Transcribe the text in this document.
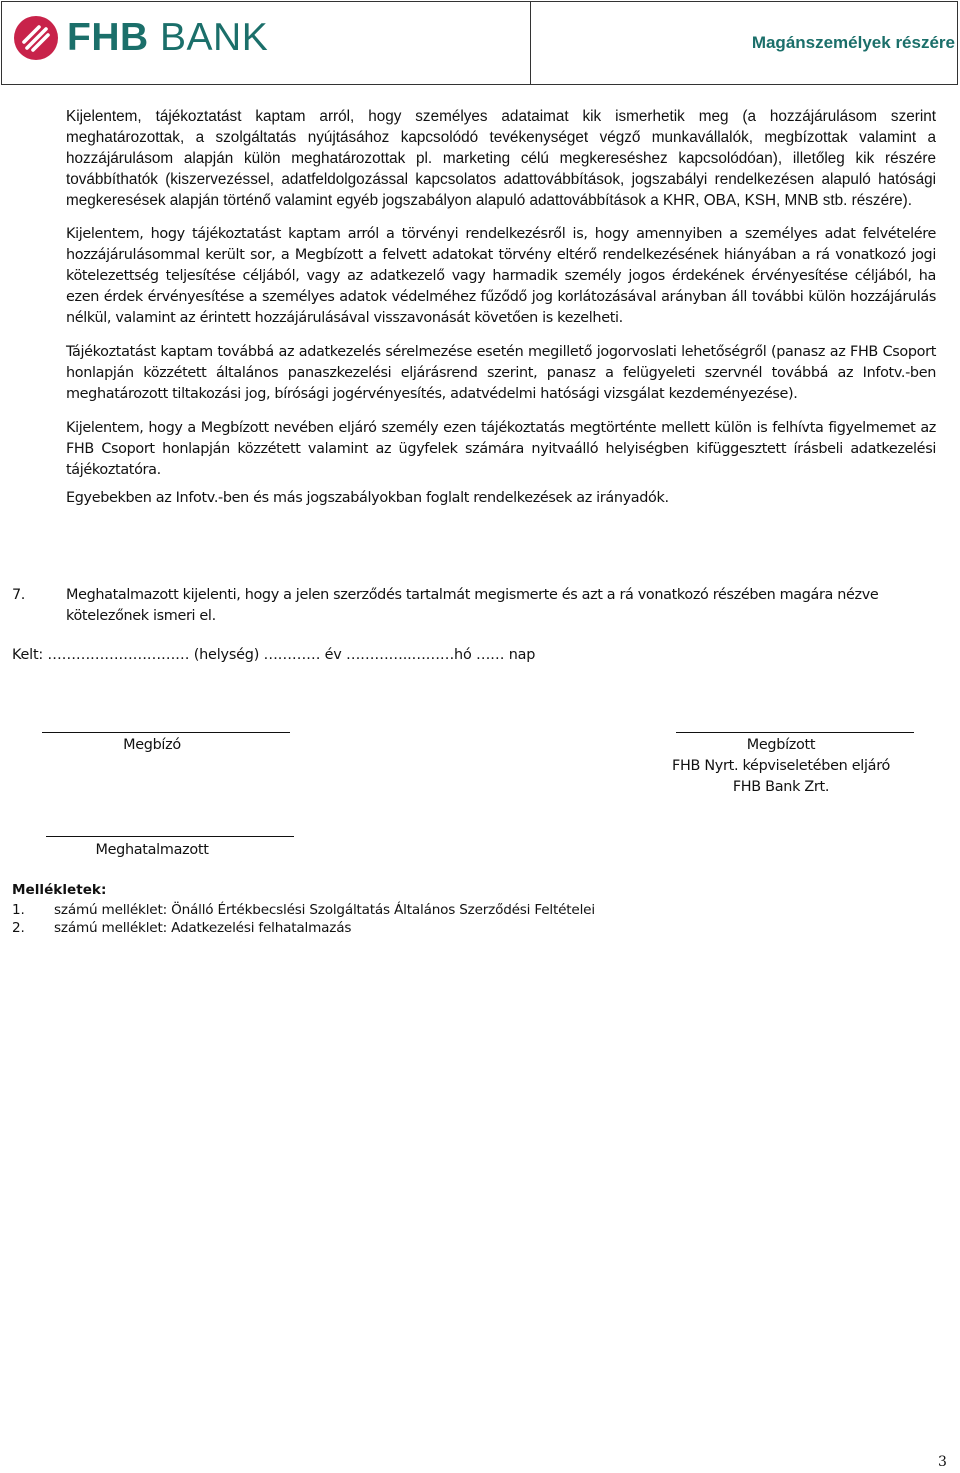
FHB BANK	Magánszemélyek részére

Kijelentem, tájékoztatást kaptam arról, hogy személyes adataimat kik ismerhetik meg (a hozzájárulásom szerint meghatározottak, a szolgáltatás nyújtásához kapcsolódó tevékenységet végző munkavállalók, megbízottak valamint a hozzájárulásom alapján külön meghatározottak pl. marketing célú megkereséshez kapcsolódóan), illetőleg kik részére továbbíthatók (kiszervezéssel, adatfeldolgozással kapcsolatos adattovábbítások, jogszabályi rendelkezésen alapuló hatósági megkeresések alapján történő valamint egyéb jogszabályon alapuló adattovábbítások a KHR, OBA, KSH, MNB stb. részére).

Kijelentem, hogy tájékoztatást kaptam arról a törvényi rendelkezésről is, hogy amennyiben a személyes adat felvételére hozzájárulásommal került sor, a Megbízott a felvett adatokat törvény eltérő rendelkezésének hiányában a rá vonatkozó jogi kötelezettség teljesítése céljából, vagy az adatkezelő vagy harmadik személy jogos érdekének érvényesítése céljából, ha ezen érdek érvényesítése a személyes adatok védelméhez fűződő jog korlátozásával arányban áll további külön hozzájárulás nélkül, valamint az érintett hozzájárulásával visszavonását követően is kezelheti.

Tájékoztatást kaptam továbbá az adatkezelés sérelmezése esetén megillető jogorvoslati lehetőségről (panasz az FHB Csoport honlapján közzétett általános panaszkezelési eljárásrend szerint, panasz a felügyeleti szervnél továbbá az Infotv.-ben meghatározott tiltakozási jog, bírósági jogérvényesítés, adatvédelmi hatósági vizsgálat kezdeményezése).

Kijelentem, hogy a Megbízott nevében eljáró személy ezen tájékoztatás megtörténte mellett külön is felhívta figyelmemet az FHB Csoport honlapján közzétett valamint az ügyfelek számára nyitvaálló helyiségben kifüggesztett írásbeli adatkezelési tájékoztatóra.

Egyebekben az Infotv.-ben és más jogszabályokban foglalt rendelkezések az irányadók.

7.	Meghatalmazott kijelenti, hogy a jelen szerződés tartalmát megismerte és azt a rá vonatkozó részében magára nézve kötelezőnek ismeri el.
Kelt: ………………………… (helység) ………… év …………..………hó …… nap
Megbízó	Megbízott
FHB Nyrt. képviseletében eljáró
FHB Bank Zrt.
Meghatalmazott
Mellékletek:
1.	számú melléklet: Önálló Értékbecslési Szolgáltatás Általános Szerződési Feltételei
2.	számú melléklet: Adatkezelési felhatalmazás
3
